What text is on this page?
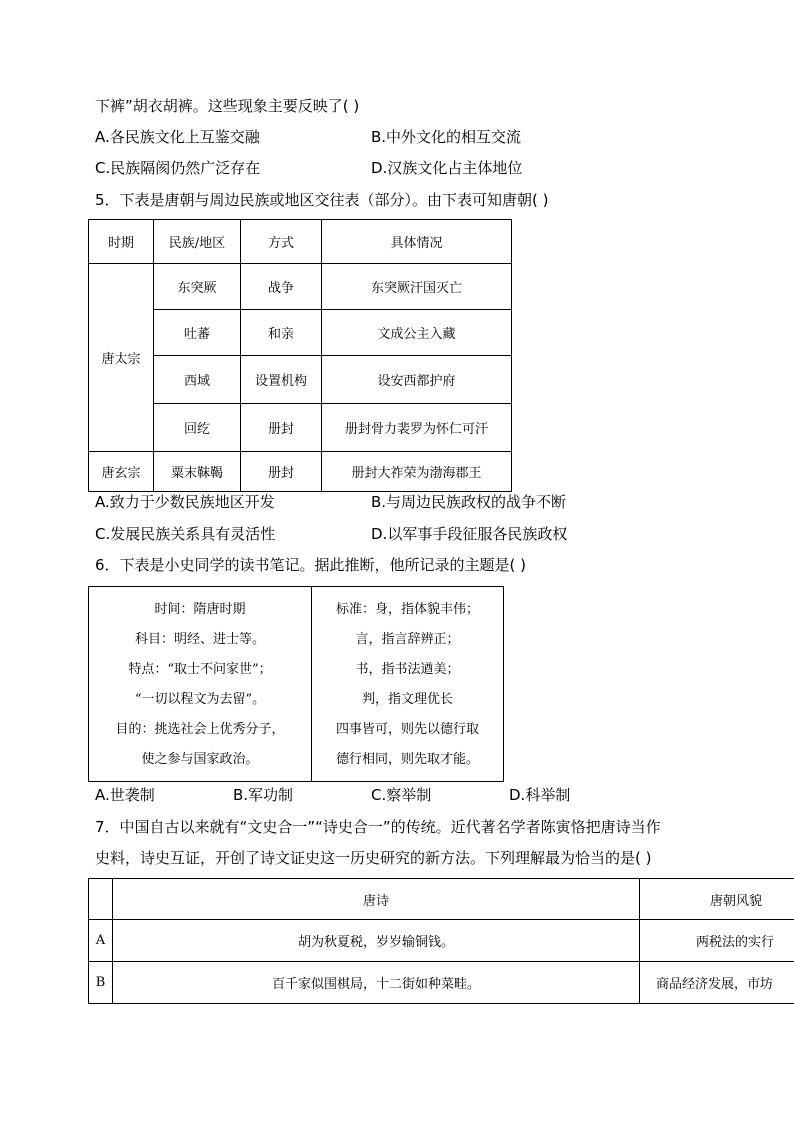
下裤”胡衣胡裤。这些现象主要反映了( )
A.各民族文化上互鉴交融	B.中外文化的相互交流
C.民族隔阂仍然广泛存在	D.汉族文化占主体地位
5．下表是唐朝与周边民族或地区交往表（部分）。由下表可知唐朝( )
时期	民族/地区	方式	具体情况
唐太宗	东突厥	战争	东突厥汗国灭亡
	吐蕃	和亲	文成公主入藏
	西域	设置机构	设安西都护府
	回纥	册封	册封骨力裴罗为怀仁可汗
唐玄宗	粟末靺鞨	册封	册封大祚荣为渤海郡王
A.致力于少数民族地区开发	B.与周边民族政权的战争不断
C.发展民族关系具有灵活性	D.以军事手段征服各民族政权
6．下表是小史同学的读书笔记。据此推断，他所记录的主题是( )
时间：隋唐时期
科目：明经、进士等。
特点：“取士不问家世”；
“一切以程文为去留”。
目的：挑选社会上优秀分子，
使之参与国家政治。

标准：身，指体貌丰伟；
言，指言辞辨正；
书，指书法遒美；
判，指文理优长
四事皆可，则先以德行取
德行相同，则先取才能。
A.世袭制	B.军功制	C.察举制	D.科举制
7．中国自古以来就有“文史合一”“诗史合一”的传统。近代著名学者陈寅恪把唐诗当作
史料，诗史互证，开创了诗文证史这一历史研究的新方法。下列理解最为恰当的是( )
	唐诗	唐朝风貌
A	胡为秋夏税，岁岁输铜钱。	两税法的实行
B	百千家似围棋局，十二街如种菜畦。	商品经济发展，市坊
